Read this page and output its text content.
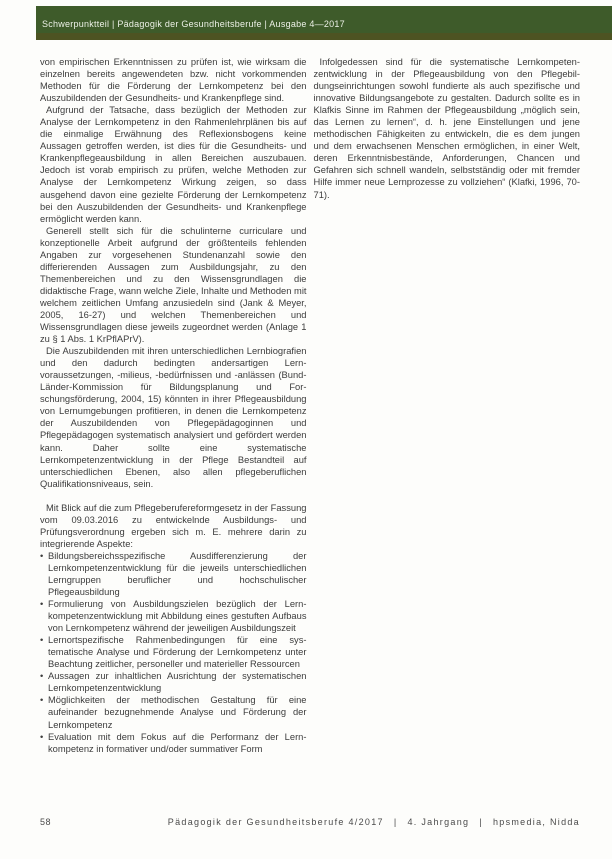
Schwerpunktteil | Pädagogik der Gesundheitsberufe | Ausgabe 4—2017

von empirischen Erkenntnissen zu prüfen ist, wie wirksam die einzelnen bereits angewendeten bzw. nicht vorkommenden Methoden für die Förderung der Lernkompetenz bei den Auszubildenden der Gesundheits- und Krankenpflege sind.

Aufgrund der Tatsache, dass bezüglich der Methoden zur Analyse der Lernkompetenz in den Rahmenlehrplänen bis auf die einmalige Erwähnung des Reflexionsbogens keine Aussagen getroffen werden, ist dies für die Gesundheits- und Krankenpflegeausbildung in allen Bereichen auszubauen. Jedoch ist vorab empirisch zu prüfen, welche Methoden zur Analyse der Lernkompetenz Wirkung zeigen, so dass ausgehend davon eine gezielte Förderung der Lernkompetenz bei den Auszubildenden der Gesundheits- und Krankenpflege ermöglicht werden kann.

Generell stellt sich für die schulinterne curriculare und konzeptionelle Arbeit aufgrund der größtenteils fehlenden Angaben zur vorgesehenen Stundenanzahl sowie den differierenden Aussagen zum Ausbildungsjahr, zu den Themenbereichen und zu den Wissensgrundlagen die didaktische Frage, wann welche Ziele, Inhalte und Methoden mit welchem zeitlichen Umfang anzusiedeln sind (Jank & Meyer, 2005, 16-27) und welchen Themenbereichen und Wissensgrundlagen diese jeweils zugeordnet werden (Anlage 1 zu § 1 Abs. 1 KrPflAPrV).

Die Auszubildenden mit ihren unterschiedlichen Lernbiografien und den dadurch bedingten andersartigen Lernvoraussetzungen, -milieus, -bedürfnissen und -anlässen (Bund-Länder-Kommission für Bildungsplanung und Forschungsförderung, 2004, 15) könnten in ihrer Pflegeausbildung von Lernumgebungen profitieren, in denen die Lernkompetenz der Auszubildenden von Pflegepädagoginnen und Pflegepädagogen systematisch analysiert und gefördert werden kann. Daher sollte eine systematische Lernkompetenzentwicklung in der Pflege Bestandteil auf unterschiedlichen Ebenen, also allen pflegeberuflichen Qualifikationsniveaus, sein.

Mit Blick auf die zum Pflegeberufereformgesetz in der Fassung vom 09.03.2016 zu entwickelnde Ausbildungs- und Prüfungsverordnung ergeben sich m. E. mehrere darin zu integrierende Aspekte:

• Bildungsbereichsspezifische Ausdifferenzierung der Lernkompetenzentwicklung für die jeweils unterschiedlichen Lerngruppen beruflicher und hochschulischer Pflegeausbildung
• Formulierung von Ausbildungszielen bezüglich der Lernkompetenzentwicklung mit Abbildung eines gestuften Aufbaus von Lernkompetenz während der jeweiligen Ausbildungszeit
• Lernortspezifische Rahmenbedingungen für eine systematische Analyse und Förderung der Lernkompetenz unter Beachtung zeitlicher, personeller und materieller Ressourcen
• Aussagen zur inhaltlichen Ausrichtung der systematischen Lernkompetenzentwicklung
• Möglichkeiten der methodischen Gestaltung für eine aufeinander bezugnehmende Analyse und Förderung der Lernkompetenz
• Evaluation mit dem Fokus auf die Performanz der Lernkompetenz in formativer und/oder summativer Form

Infolgedessen sind für die systematische Lernkompetenzentwicklung in der Pflegeausbildung von den Pflegebildungseinrichtungen sowohl fundierte als auch spezifische und innovative Bildungsangebote zu gestalten. Dadurch sollte es in Klafkis Sinne im Rahmen der Pflegeausbildung „möglich sein, das Lernen zu lernen“, d. h. jene Einstellungen und jene methodischen Fähigkeiten zu entwickeln, die es dem jungen und dem erwachsenen Menschen ermöglichen, in einer Welt, deren Erkenntnisbestände, Anforderungen, Chancen und Gefahren sich schnell wandeln, selbstständig oder mit fremder Hilfe immer neue Lernprozesse zu vollziehen“ (Klafki, 1996, 70-71).

58	Pädagogik der Gesundheitsberufe 4/2017 | 4. Jahrgang | hpsmedia, Nidda
